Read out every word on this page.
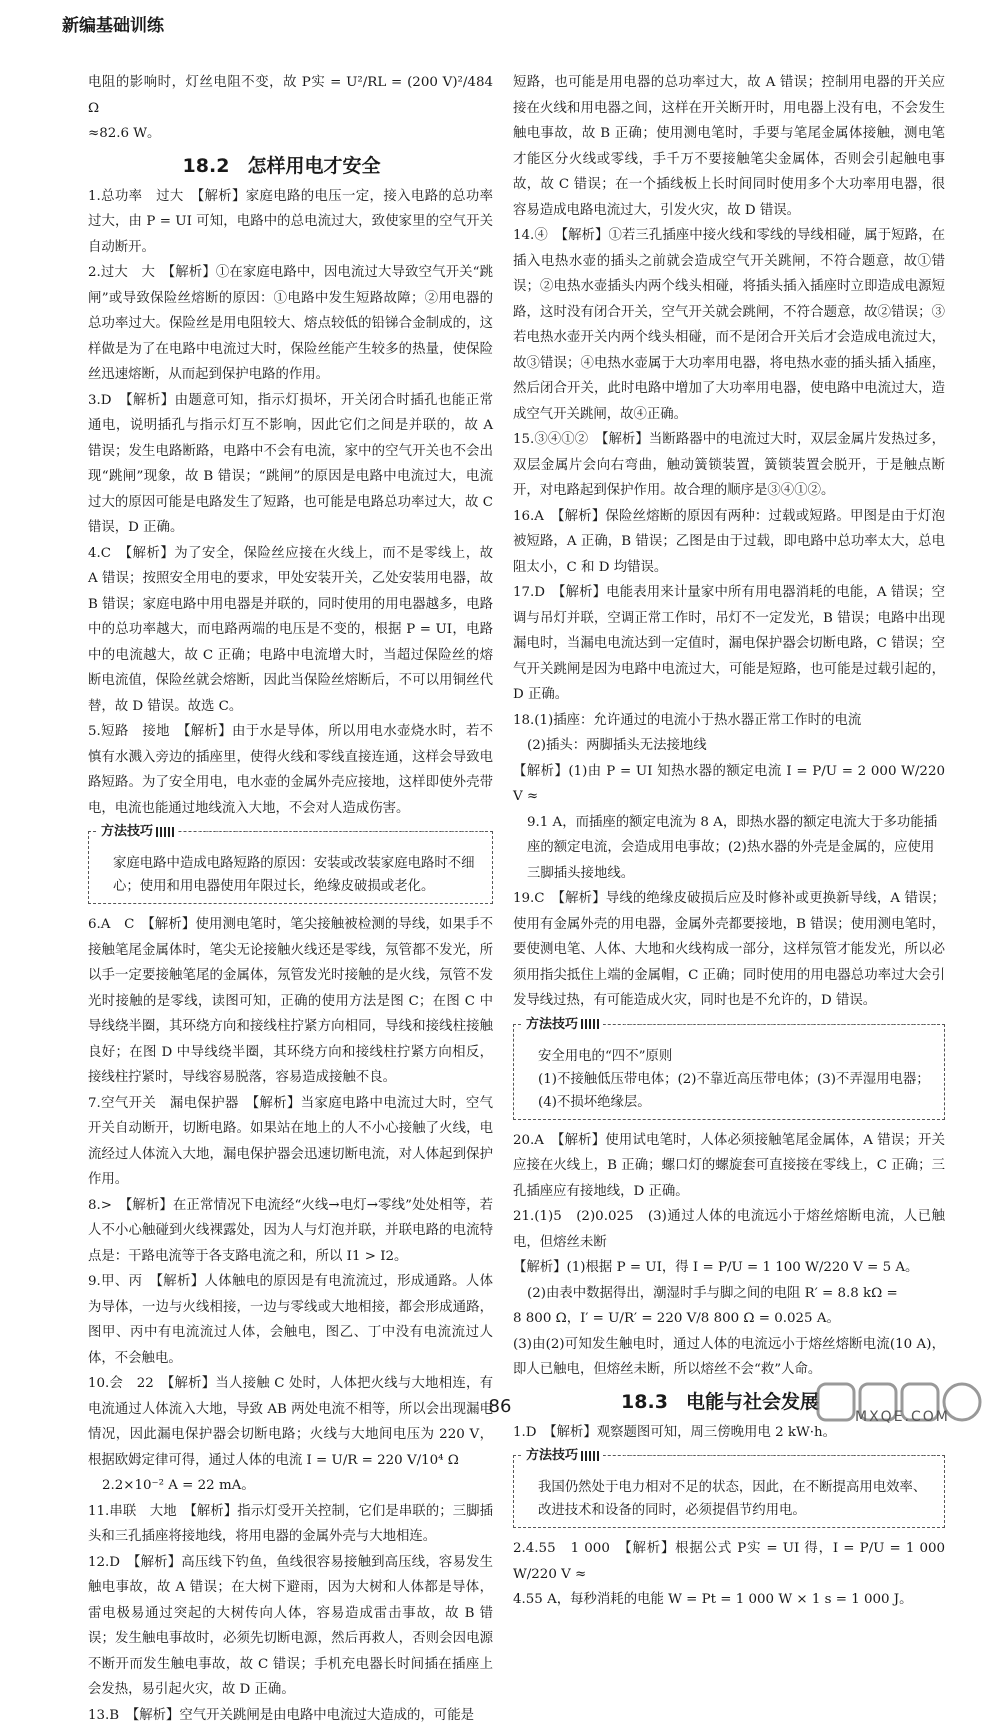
新编基础训练

电阻的影响时，灯丝电阻不变，故 P实 = U²/RL = (200 V)²/484 Ω

≈82.6 W。

18.2 怎样用电才安全

1.总功率　过大　【解析】家庭电路的电压一定，接入电路的总功率过大，由 P = UI 可知，电路中的总电流过大，致使家里的空气开关自动断开。

2.过大　大　【解析】①在家庭电路中，因电流过大导致空气开关“跳闸”或导致保险丝熔断的原因：①电路中发生短路故障；②用电器的总功率过大。保险丝是用电阻较大、熔点较低的铅锑合金制成的，这样做是为了在电路中电流过大时，保险丝能产生较多的热量，使保险丝迅速熔断，从而起到保护电路的作用。

3.D　【解析】由题意可知，指示灯损坏，开关闭合时插孔也能正常通电，说明插孔与指示灯互不影响，因此它们之间是并联的，故 A 错误；发生电路断路，电路中不会有电流，家中的空气开关也不会出现“跳闸”现象，故 B 错误；“跳闸”的原因是电路中电流过大，电流过大的原因可能是电路发生了短路，也可能是电路总功率过大，故 C 错误，D 正确。

4.C　【解析】为了安全，保险丝应接在火线上，而不是零线上，故 A 错误；按照安全用电的要求，甲处安装开关，乙处安装用电器，故 B 错误；家庭电路中用电器是并联的，同时使用的用电器越多，电路中的总功率越大，而电路两端的电压是不变的，根据 P = UI，电路中的电流越大，故 C 正确；电路中电流增大时，当超过保险丝的熔断电流值，保险丝就会熔断，因此当保险丝熔断后，不可以用铜丝代替，故 D 错误。故选 C。

5.短路　接地　【解析】由于水是导体，所以用电水壶烧水时，若不慎有水溅入旁边的插座里，使得火线和零线直接连通，这样会导致电路短路。为了安全用电，电水壶的金属外壳应接地，这样即使外壳带电，电流也能通过地线流入大地，不会对人造成伤害。

方法技巧

家庭电路中造成电路短路的原因：安装或改装家庭电路时不细心；使用和用电器使用年限过长，绝缘皮破损或老化。

6.A　C　【解析】使用测电笔时，笔尖接触被检测的导线，如果手不接触笔尾金属体时，笔尖无论接触火线还是零线，氖管都不发光，所以手一定要接触笔尾的金属体，氖管发光时接触的是火线，氖管不发光时接触的是零线，读图可知，正确的使用方法是图 C；在图 C 中导线绕半圈，其环绕方向和接线柱拧紧方向相同，导线和接线柱接触良好；在图 D 中导线绕半圈，其环绕方向和接线柱拧紧方向相反，接线柱拧紧时，导线容易脱落，容易造成接触不良。

7.空气开关　漏电保护器　【解析】当家庭电路中电流过大时，空气开关自动断开，切断电路。如果站在地上的人不小心接触了火线，电流经过人体流入大地，漏电保护器会迅速切断电流，对人体起到保护作用。

8.>　【解析】在正常情况下电流经“火线→电灯→零线”处处相等，若人不小心触碰到火线裸露处，因为人与灯泡并联，并联电路的电流特点是：干路电流等于各支路电流之和，所以 I1 > I2。

9.甲、丙　【解析】人体触电的原因是有电流流过，形成通路。人体为导体，一边与火线相接，一边与零线或大地相接，都会形成通路，图甲、丙中有电流流过人体，会触电，图乙、丁中没有电流流过人体，不会触电。

10.会　22　【解析】当人接触 C 处时，人体把火线与大地相连，有电流通过人体流入大地，导致 AB 两处电流不相等，所以会出现漏电情况，因此漏电保护器会切断电路；火线与大地间电压为 220 V，根据欧姆定律可得，通过人体的电流 I = U/R = 220 V/10⁴ Ω

2.2×10⁻² A = 22 mA。

11.串联　大地　【解析】指示灯受开关控制，它们是串联的；三脚插头和三孔插座将接地线，将用电器的金属外壳与大地相连。

12.D　【解析】高压线下钓鱼，鱼线很容易接触到高压线，容易发生触电事故，故 A 错误；在大树下避雨，因为大树和人体都是导体，雷电极易通过突起的大树传向人体，容易造成雷击事故，故 B 错误；发生触电事故时，必须先切断电源，然后再救人，否则会因电源不断开而发生触电事故，故 C 错误；手机充电器长时间插在插座上会发热，易引起火灾，故 D 正确。

13.B　【解析】空气开关跳闸是由电路中电流过大造成的，可能是

短路，也可能是用电器的总功率过大，故 A 错误；控制用电器的开关应接在火线和用电器之间，这样在开关断开时，用电器上没有电，不会发生触电事故，故 B 正确；使用测电笔时，手要与笔尾金属体接触，测电笔才能区分火线或零线，手千万不要接触笔尖金属体，否则会引起触电事故，故 C 错误；在一个插线板上长时间同时使用多个大功率用电器，很容易造成电路电流过大，引发火灾，故 D 错误。

14.④　【解析】①若三孔插座中接火线和零线的导线相碰，属于短路，在插入电热水壶的插头之前就会造成空气开关跳闸，不符合题意，故①错误；②电热水壶插头内两个线头相碰，将插头插入插座时立即造成电源短路，这时没有闭合开关，空气开关就会跳闸，不符合题意，故②错误；③若电热水壶开关内两个线头相碰，而不是闭合开关后才会造成电流过大，故③错误；④电热水壶属于大功率用电器，将电热水壶的插头插入插座，然后闭合开关，此时电路中增加了大功率用电器，使电路中电流过大，造成空气开关跳闸，故④正确。

15.③④①②　【解析】当断路器中的电流过大时，双层金属片发热过多，双层金属片会向右弯曲，触动簧锁装置，簧锁装置会脱开，于是触点断开，对电路起到保护作用。故合理的顺序是③④①②。

16.A　【解析】保险丝熔断的原因有两种：过载或短路。甲图是由于灯泡被短路，A 正确，B 错误；乙图是由于过载，即电路中总功率太大，总电阻太小，C 和 D 均错误。

17.D　【解析】电能表用来计量家中所有用电器消耗的电能，A 错误；空调与吊灯并联，空调正常工作时，吊灯不一定发光，B 错误；电路中出现漏电时，当漏电电流达到一定值时，漏电保护器会切断电路，C 错误；空气开关跳闸是因为电路中电流过大，可能是短路，也可能是过载引起的，D 正确。

18.(1)插座：允许通过的电流小于热水器正常工作时的电流

(2)插头：两脚插头无法接地线

【解析】(1)由 P = UI 知热水器的额定电流 I = P/U = 2 000 W/220 V ≈

9.1 A，而插座的额定电流为 8 A，即热水器的额定电流大于多功能插座的额定电流，会造成用电事故；(2)热水器的外壳是金属的，应使用三脚插头接地线。

19.C　【解析】导线的绝缘皮破损后应及时修补或更换新导线，A 错误；使用有金属外壳的用电器，金属外壳都要接地，B 错误；使用测电笔时，要使测电笔、人体、大地和火线构成一部分，这样氖管才能发光，所以必须用指尖抵住上端的金属帽，C 正确；同时使用的用电器总功率过大会引发导线过热，有可能造成火灾，同时也是不允许的，D 错误。

方法技巧

安全用电的“四不”原则

(1)不接触低压带电体；(2)不靠近高压带电体；(3)不弄湿用电器；(4)不损坏绝缘层。

20.A　【解析】使用试电笔时，人体必须接触笔尾金属体，A 错误；开关应接在火线上，B 正确；螺口灯的螺旋套可直接接在零线上，C 正确；三孔插座应有接地线，D 正确。

21.(1)5　(2)0.025　(3)通过人体的电流远小于熔丝熔断电流，人已触电，但熔丝未断

【解析】(1)根据 P = UI，得 I = P/U = 1 100 W/220 V = 5 A。

(2)由表中数据得出，潮湿时手与脚之间的电阻 R′ = 8.8 kΩ =

8 800 Ω，I′ = U/R′ = 220 V/8 800 Ω = 0.025 A。

(3)由(2)可知发生触电时，通过人体的电流远小于熔丝熔断电流(10 A)，即人已触电，但熔丝未断，所以熔丝不会“救”人命。

18.3 电能与社会发展

1.D　【解析】观察题图可知，周三傍晚用电 2 kW·h。

方法技巧

我国仍然处于电力相对不足的状态，因此，在不断提高用电效率、改进技术和设备的同时，必须提倡节约用电。

2.4.55　1 000　【解析】根据公式 P实 = UI 得，I = P/U = 1 000 W/220 V ≈

4.55 A，每秒消耗的电能 W = Pt = 1 000 W × 1 s = 1 000 J。

86	MXQE.COM
